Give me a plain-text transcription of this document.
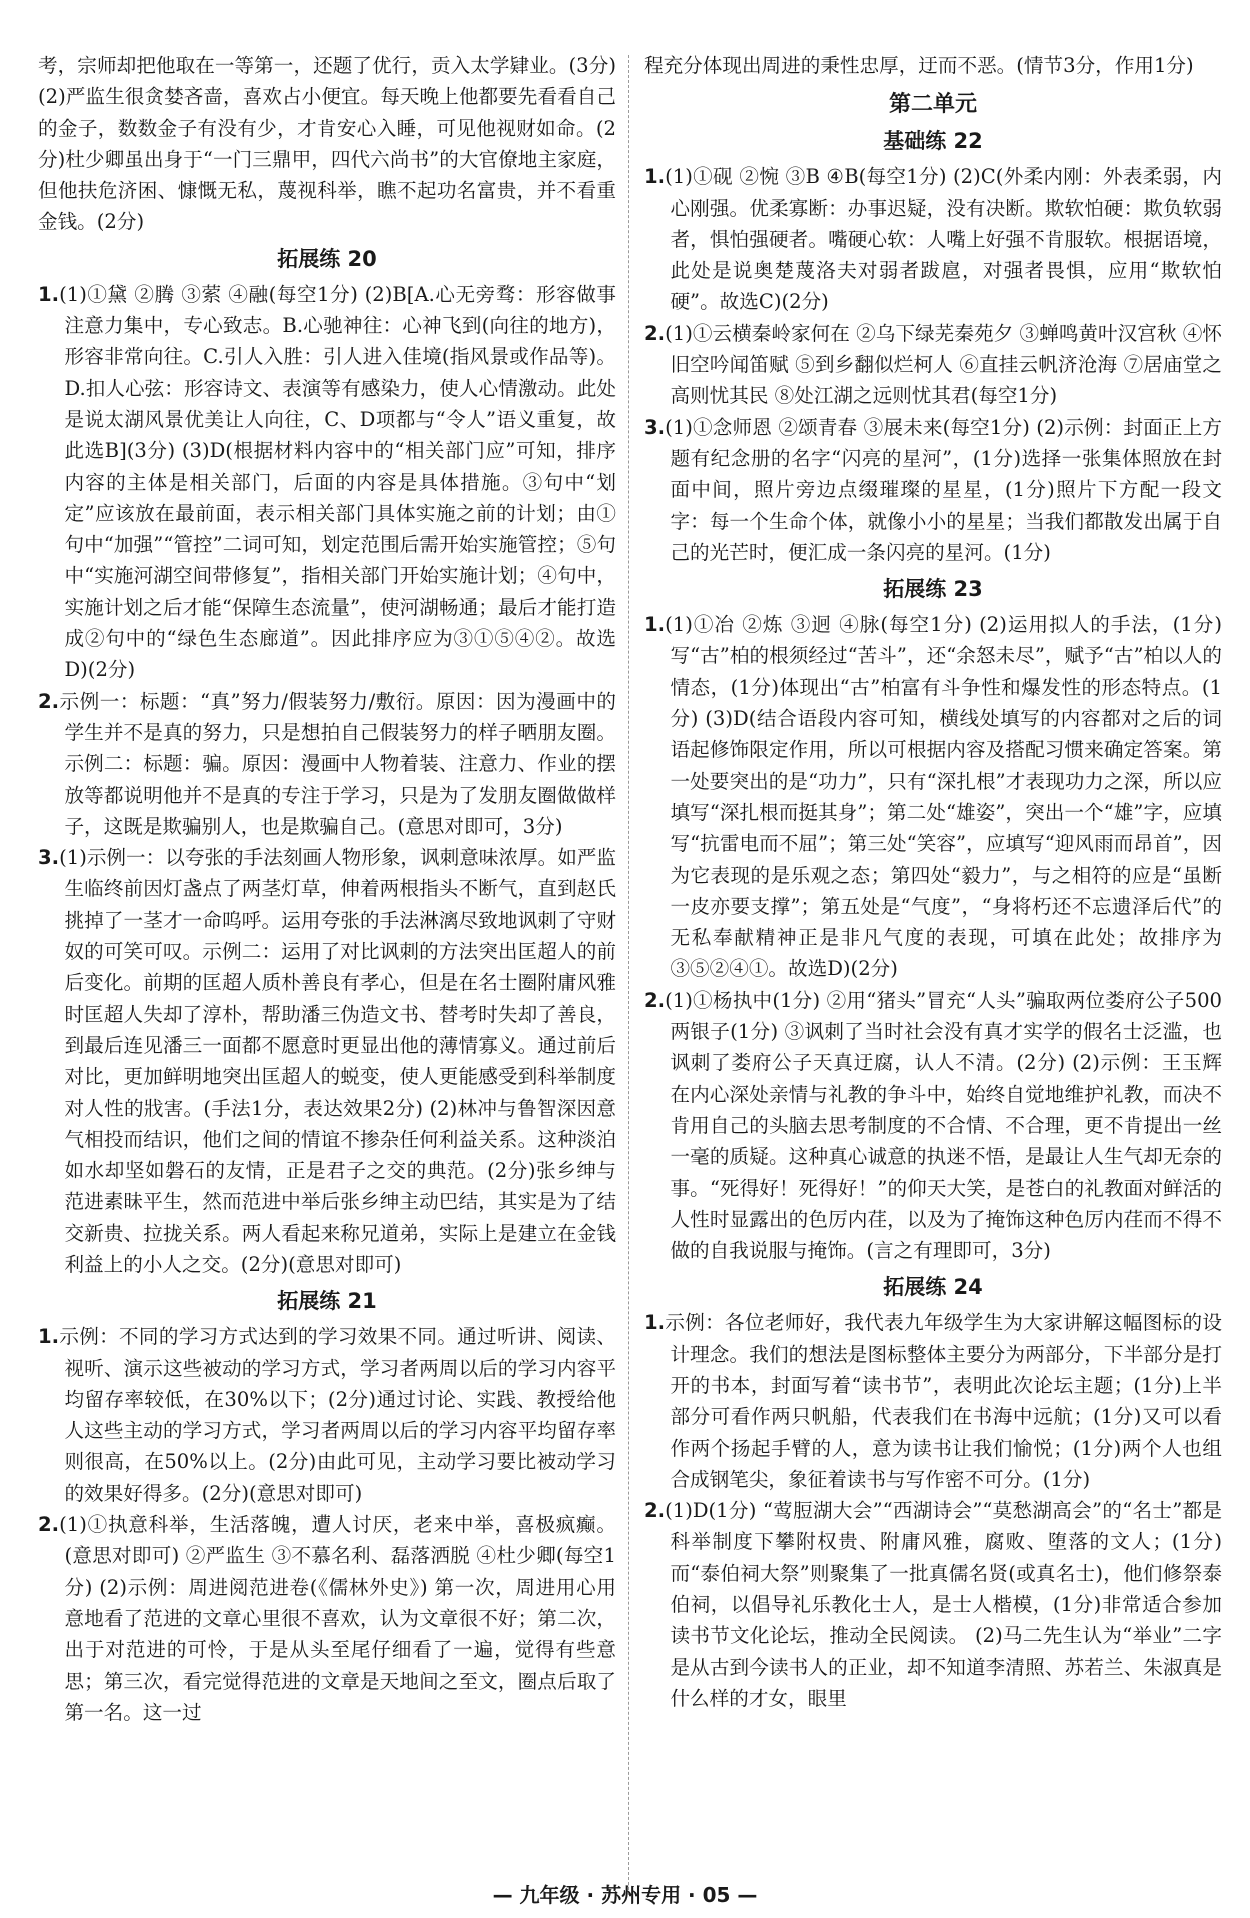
考，宗师却把他取在一等第一，还题了优行，贡入太学肄业。(3分) (2)严监生很贪婪吝啬，喜欢占小便宜。每天晚上他都要先看看自己的金子，数数金子有没有少，才肯安心入睡，可见他视财如命。(2分)杜少卿虽出身于“一门三鼎甲，四代六尚书”的大官僚地主家庭，但他扶危济困、慷慨无私，蔑视科举，瞧不起功名富贵，并不看重金钱。(2分)

拓展练 20

1.(1)①黛 ②腾 ③萦 ④融(每空1分) (2)B[A.心无旁骛：形容做事注意力集中，专心致志。B.心驰神往：心神飞到(向往的地方)，形容非常向往。C.引人入胜：引人进入佳境(指风景或作品等)。D.扣人心弦：形容诗文、表演等有感染力，使人心情激动。此处是说太湖风景优美让人向往，C、D项都与“令人”语义重复，故此选B](3分) (3)D(根据材料内容中的“相关部门应”可知，排序内容的主体是相关部门，后面的内容是具体措施。③句中“划定”应该放在最前面，表示相关部门具体实施之前的计划；由①句中“加强”“管控”二词可知，划定范围后需开始实施管控；⑤句中“实施河湖空间带修复”，指相关部门开始实施计划；④句中，实施计划之后才能“保障生态流量”，使河湖畅通；最后才能打造成②句中的“绿色生态廊道”。因此排序应为③①⑤④②。故选D)(2分)

2.示例一：标题：“真”努力/假装努力/敷衍。原因：因为漫画中的学生并不是真的努力，只是想拍自己假装努力的样子晒朋友圈。 示例二：标题：骗。原因：漫画中人物着装、注意力、作业的摆放等都说明他并不是真的专注于学习，只是为了发朋友圈做做样子，这既是欺骗别人，也是欺骗自己。(意思对即可，3分)

3.(1)示例一：以夸张的手法刻画人物形象，讽刺意味浓厚。如严监生临终前因灯盏点了两茎灯草，伸着两根指头不断气，直到赵氏挑掉了一茎才一命呜呼。运用夸张的手法淋漓尽致地讽刺了守财奴的可笑可叹。示例二：运用了对比讽刺的方法突出匡超人的前后变化。前期的匡超人质朴善良有孝心，但是在名士圈附庸风雅时匡超人失却了淳朴，帮助潘三伪造文书、替考时失却了善良，到最后连见潘三一面都不愿意时更显出他的薄情寡义。通过前后对比，更加鲜明地突出匡超人的蜕变，使人更能感受到科举制度对人性的戕害。(手法1分，表达效果2分) (2)林冲与鲁智深因意气相投而结识，他们之间的情谊不掺杂任何利益关系。这种淡泊如水却坚如磐石的友情，正是君子之交的典范。(2分)张乡绅与范进素昧平生，然而范进中举后张乡绅主动巴结，其实是为了结交新贵、拉拢关系。两人看起来称兄道弟，实际上是建立在金钱利益上的小人之交。(2分)(意思对即可)

拓展练 21

1.示例：不同的学习方式达到的学习效果不同。通过听讲、阅读、视听、演示这些被动的学习方式，学习者两周以后的学习内容平均留存率较低，在30%以下；(2分)通过讨论、实践、教授给他人这些主动的学习方式，学习者两周以后的学习内容平均留存率则很高，在50%以上。(2分)由此可见，主动学习要比被动学习的效果好得多。(2分)(意思对即可)

2.(1)①执意科举，生活落魄，遭人讨厌，老来中举，喜极疯癫。(意思对即可) ②严监生 ③不慕名利、磊落洒脱 ④杜少卿(每空1分) (2)示例：周进阅范进卷(《儒林外史》) 第一次，周进用心用意地看了范进的文章心里很不喜欢，认为文章很不好；第二次，出于对范进的可怜，于是从头至尾仔细看了一遍，觉得有些意思；第三次，看完觉得范进的文章是天地间之至文，圈点后取了第一名。这一过

程充分体现出周进的秉性忠厚，迂而不恶。(情节3分，作用1分)

第二单元
基础练 22

1.(1)①砚 ②惋 ③B ④B(每空1分) (2)C(外柔内刚：外表柔弱，内心刚强。优柔寡断：办事迟疑，没有决断。欺软怕硬：欺负软弱者，惧怕强硬者。嘴硬心软：人嘴上好强不肯服软。根据语境，此处是说奥楚蔑洛夫对弱者跋扈，对强者畏惧，应用“欺软怕硬”。故选C)(2分)

2.(1)①云横秦岭家何在 ②乌下绿芜秦苑夕 ③蝉鸣黄叶汉宫秋 ④怀旧空吟闻笛赋 ⑤到乡翻似烂柯人 ⑥直挂云帆济沧海 ⑦居庙堂之高则忧其民 ⑧处江湖之远则忧其君(每空1分)

3.(1)①念师恩 ②颂青春 ③展未来(每空1分) (2)示例：封面正上方题有纪念册的名字“闪亮的星河”，(1分)选择一张集体照放在封面中间，照片旁边点缀璀璨的星星，(1分)照片下方配一段文字：每一个生命个体，就像小小的星星；当我们都散发出属于自己的光芒时，便汇成一条闪亮的星河。(1分)

拓展练 23

1.(1)①冶 ②炼 ③迥 ④脉(每空1分) (2)运用拟人的手法，(1分)写“古”柏的根须经过“苦斗”，还“余怒未尽”，赋予“古”柏以人的情态，(1分)体现出“古”柏富有斗争性和爆发性的形态特点。(1分) (3)D(结合语段内容可知，横线处填写的内容都对之后的词语起修饰限定作用，所以可根据内容及搭配习惯来确定答案。第一处要突出的是“功力”，只有“深扎根”才表现功力之深，所以应填写“深扎根而挺其身”；第二处“雄姿”，突出一个“雄”字，应填写“抗雷电而不屈”；第三处“笑容”，应填写“迎风雨而昂首”，因为它表现的是乐观之态；第四处“毅力”，与之相符的应是“虽断一皮亦要支撑”；第五处是“气度”，“身将朽还不忘遗泽后代”的无私奉献精神正是非凡气度的表现，可填在此处；故排序为③⑤②④①。故选D)(2分)

2.(1)①杨执中(1分) ②用“猪头”冒充“人头”骗取两位娄府公子500两银子(1分) ③讽刺了当时社会没有真才实学的假名士泛滥，也讽刺了娄府公子天真迂腐，认人不清。(2分) (2)示例：王玉辉在内心深处亲情与礼教的争斗中，始终自觉地维护礼教，而决不肯用自己的头脑去思考制度的不合情、不合理，更不肯提出一丝一毫的质疑。这种真心诚意的执迷不悟，是最让人生气却无奈的事。“死得好！死得好！”的仰天大笑，是苍白的礼教面对鲜活的人性时显露出的色厉内荏，以及为了掩饰这种色厉内荏而不得不做的自我说服与掩饰。(言之有理即可，3分)

拓展练 24

1.示例：各位老师好，我代表九年级学生为大家讲解这幅图标的设计理念。我们的想法是图标整体主要分为两部分，下半部分是打开的书本，封面写着“读书节”，表明此次论坛主题；(1分)上半部分可看作两只帆船，代表我们在书海中远航；(1分)又可以看作两个扬起手臂的人，意为读书让我们愉悦；(1分)两个人也组合成钢笔尖，象征着读书与写作密不可分。(1分)

2.(1)D(1分) “莺脰湖大会”“西湖诗会”“莫愁湖高会”的“名士”都是科举制度下攀附权贵、附庸风雅，腐败、堕落的文人；(1分)而“泰伯祠大祭”则聚集了一批真儒名贤(或真名士)，他们修祭泰伯祠，以倡导礼乐教化士人，是士人楷模，(1分)非常适合参加读书节文化论坛，推动全民阅读。 (2)马二先生认为“举业”二字是从古到今读书人的正业，却不知道李清照、苏若兰、朱淑真是什么样的才女，眼里

— 九年级 · 苏州专用 · 05 —
